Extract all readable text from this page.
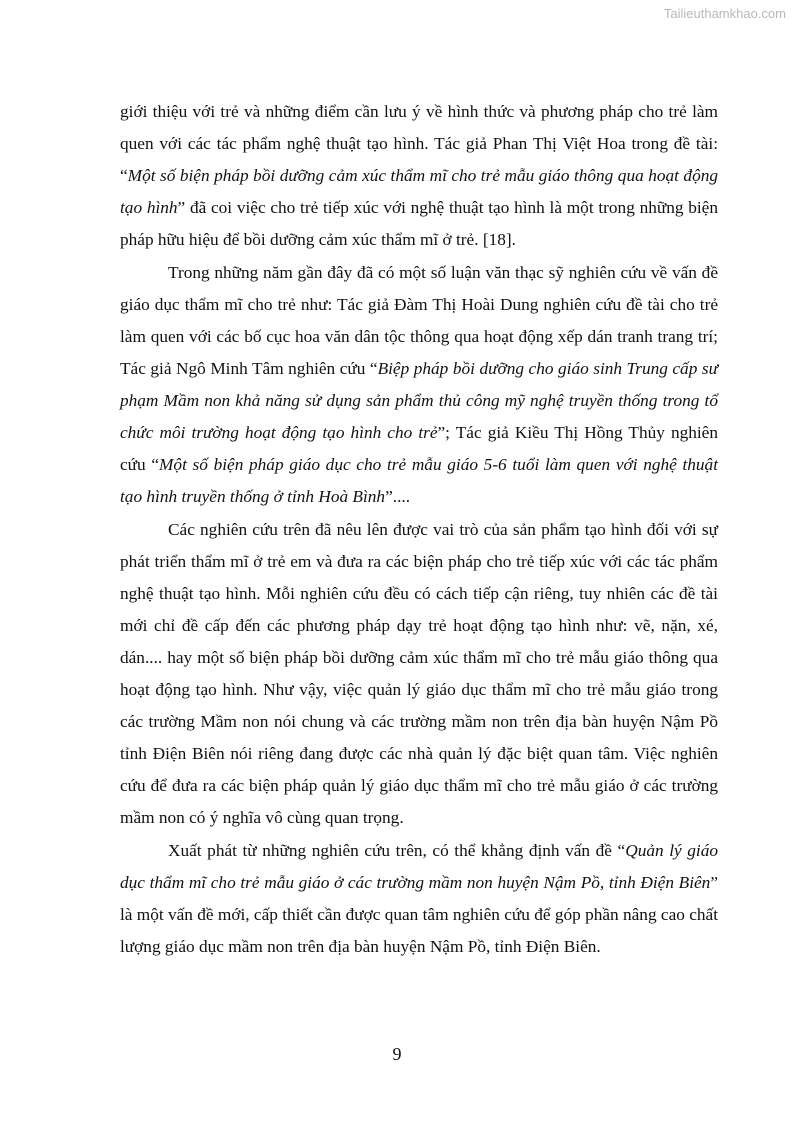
Tailieuthamkhao.com

giới thiệu với trẻ và những điểm cần lưu ý về hình thức và phương pháp cho trẻ làm quen với các tác phẩm nghệ thuật tạo hình. Tác giả Phan Thị Việt Hoa trong đề tài: “Một số biện pháp bồi dưỡng cảm xúc thẩm mĩ cho trẻ mẫu giáo thông qua hoạt động tạo hình” đã coi việc cho trẻ tiếp xúc với nghệ thuật tạo hình là một trong những biện pháp hữu hiệu để bồi dưỡng cảm xúc thẩm mĩ ở trẻ. [18].

Trong những năm gần đây đã có một số luận văn thạc sỹ nghiên cứu về vấn đề giáo dục thẩm mĩ cho trẻ như: Tác giả Đàm Thị Hoài Dung nghiên cứu đề tài cho trẻ làm quen với các bố cục hoa văn dân tộc thông qua hoạt động xếp dán tranh trang trí; Tác giả Ngô Minh Tâm nghiên cứu “Biệp pháp bồi dưỡng cho giáo sinh Trung cấp sư phạm Mầm non khả năng sử dụng sản phẩm thủ công mỹ nghệ truyền thống trong tổ chức môi trường hoạt động tạo hình cho trẻ”; Tác giả Kiều Thị Hồng Thủy nghiên cứu “Một số biện pháp giáo dục cho trẻ mẫu giáo 5-6 tuổi làm quen với nghệ thuật tạo hình truyền thống ở tỉnh Hoà Bình”....

Các nghiên cứu trên đã nêu lên được vai trò của sản phẩm tạo hình đối với sự phát triển thẩm mĩ ở trẻ em và đưa ra các biện pháp cho trẻ tiếp xúc với các tác phẩm nghệ thuật tạo hình. Mỗi nghiên cứu đều có cách tiếp cận riêng, tuy nhiên các đề tài mới chỉ đề cấp đến các phương pháp dạy trẻ hoạt động tạo hình như: vẽ, nặn, xé, dán.... hay một số biện pháp bồi dưỡng cảm xúc thẩm mĩ cho trẻ mẫu giáo thông qua hoạt động tạo hình. Như vậy, việc quản lý giáo dục thẩm mĩ cho trẻ mẫu giáo trong các trường Mầm non nói chung và các trường mầm non trên địa bàn huyện Nậm Pồ tỉnh Điện Biên nói riêng đang được các nhà quản lý đặc biệt quan tâm. Việc nghiên cứu để đưa ra các biện pháp quản lý giáo dục thẩm mĩ cho trẻ mẫu giáo ở các trường mầm non có ý nghĩa vô cùng quan trọng.

Xuất phát từ những nghiên cứu trên, có thể khẳng định vấn đề “Quản lý giáo dục thẩm mĩ cho trẻ mẫu giáo ở các trường mầm non huyện Nậm Pồ, tỉnh Điện Biên” là một vấn đề mới, cấp thiết cần được quan tâm nghiên cứu để góp phần nâng cao chất lượng giáo dục mầm non trên địa bàn huyện Nậm Pồ, tỉnh Điện Biên.

9
